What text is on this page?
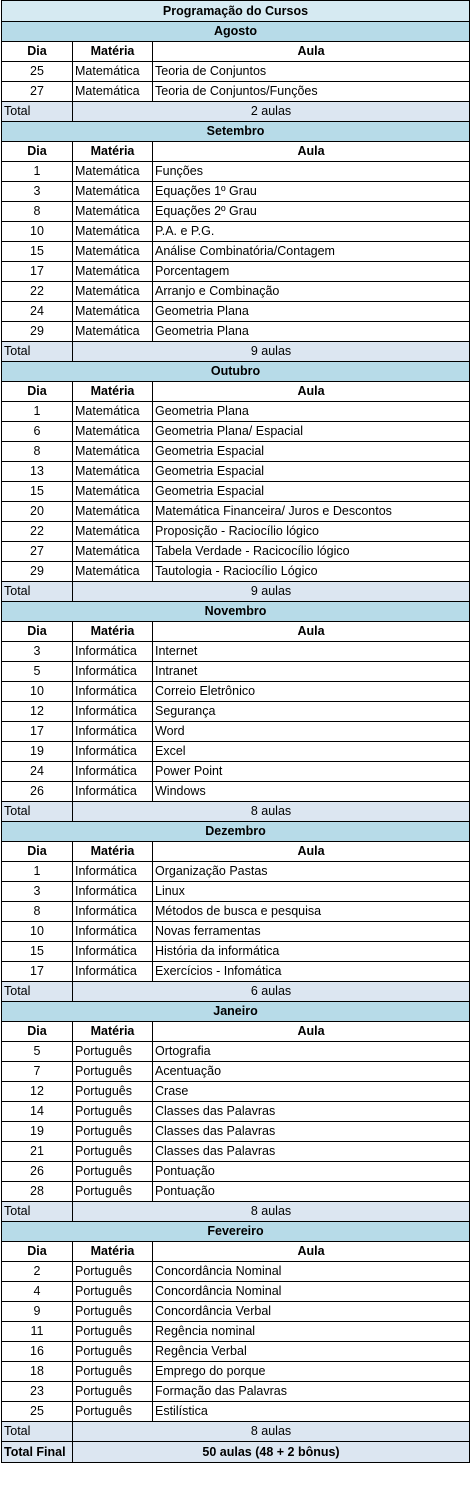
Programação do Cursos		
Agosto		
Dia	Matéria	Aula
25	Matemática	Teoria de Conjuntos
27	Matemática	Teoria de Conjuntos/Funções
Total	2 aulas	
Setembro		
Dia	Matéria	Aula
1	Matemática	Funções
3	Matemática	Equações 1º Grau
8	Matemática	Equações 2º Grau
10	Matemática	P.A. e P.G.
15	Matemática	Análise Combinatória/Contagem
17	Matemática	Porcentagem
22	Matemática	Arranjo e Combinação
24	Matemática	Geometria Plana
29	Matemática	Geometria Plana
Total	9 aulas	
Outubro		
Dia	Matéria	Aula
1	Matemática	Geometria Plana
6	Matemática	Geometria Plana/ Espacial
8	Matemática	Geometria Espacial
13	Matemática	Geometria Espacial
15	Matemática	Geometria Espacial
20	Matemática	Matemática Financeira/ Juros e Descontos
22	Matemática	Proposição - Raciocílio lógico
27	Matemática	Tabela Verdade - Racicocílio lógico
29	Matemática	Tautologia - Raciocílio Lógico
Total	9 aulas	
Novembro		
Dia	Matéria	Aula
3	Informática	Internet
5	Informática	Intranet
10	Informática	Correio Eletrônico
12	Informática	Segurança
17	Informática	Word
19	Informática	Excel
24	Informática	Power Point
26	Informática	Windows
Total	8 aulas	
Dezembro		
Dia	Matéria	Aula
1	Informática	Organização Pastas
3	Informática	Linux
8	Informática	Métodos de busca e pesquisa
10	Informática	Novas ferramentas
15	Informática	História da informática
17	Informática	Exercícios - Infomática
Total	6 aulas	
Janeiro		
Dia	Matéria	Aula
5	Português	Ortografia
7	Português	Acentuação
12	Português	Crase
14	Português	Classes das Palavras
19	Português	Classes das Palavras
21	Português	Classes das Palavras
26	Português	Pontuação
28	Português	Pontuação
Total	8 aulas	
Fevereiro		
Dia	Matéria	Aula
2	Português	Concordância Nominal
4	Português	Concordância Nominal
9	Português	Concordância Verbal
11	Português	Regência nominal
16	Português	Regência Verbal
18	Português	Emprego do porque
23	Português	Formação das Palavras
25	Português	Estilística
Total	8 aulas	
Total Final	50 aulas (48 + 2 bônus)	
